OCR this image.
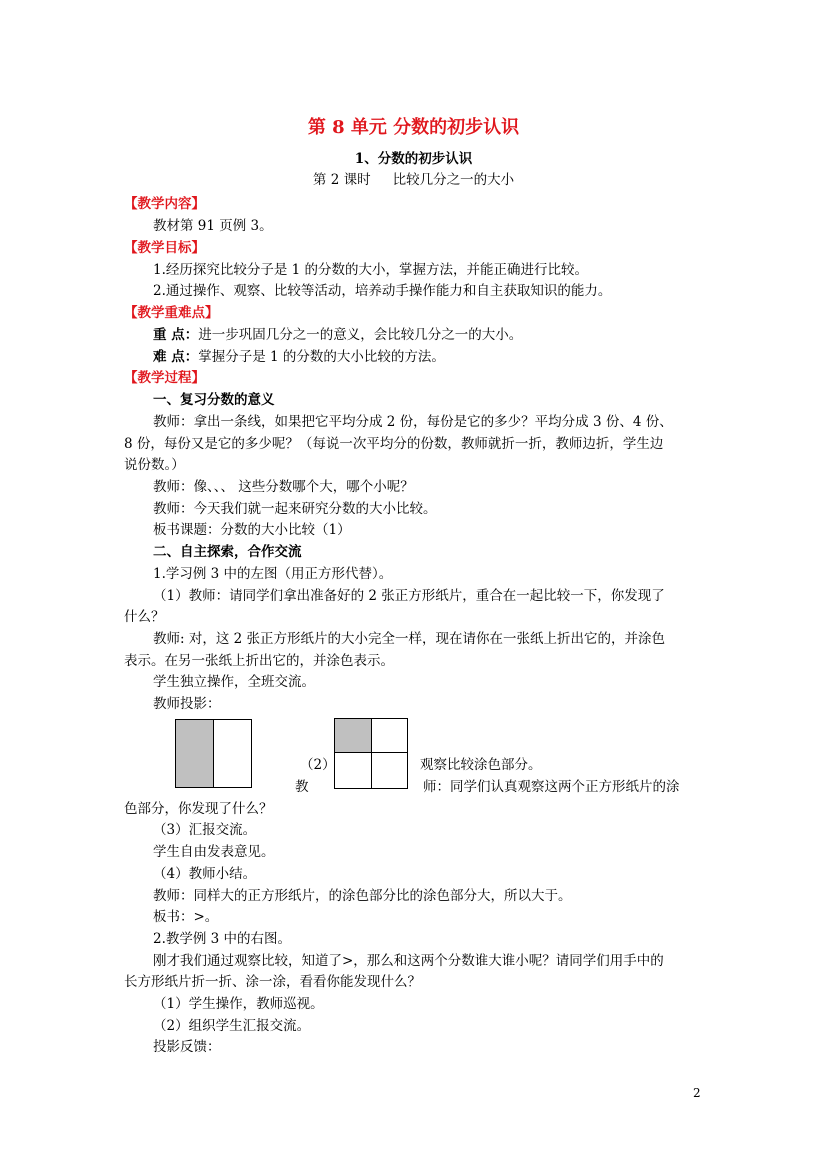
第 8 单元 分数的初步认识
1、分数的初步认识
第 2 课时 比较几分之一的大小
【教学内容】
教材第 91 页例 3。
【教学目标】
1.经历探究比较分子是 1 的分数的大小，掌握方法，并能正确进行比较。
2.通过操作、观察、比较等活动，培养动手操作能力和自主获取知识的能力。
【教学重难点】
重 点：进一步巩固几分之一的意义，会比较几分之一的大小。
难 点：掌握分子是 1 的分数的大小比较的方法。
【教学过程】
一、复习分数的意义
教师：拿出一条线，如果把它平均分成 2 份，每份是它的多少？平均分成 3 份、4 份、
8 份，每份又是它的多少呢？（每说一次平均分的份数，教师就折一折，教师边折，学生边
说份数。）
教师：像、、、 这些分数哪个大，哪个小呢？
教师：今天我们就一起来研究分数的大小比较。
板书课题：分数的大小比较（1）
二、自主探索，合作交流
1.学习例 3 中的左图（用正方形代替）。
（1）教师：请同学们拿出准备好的 2 张正方形纸片，重合在一起比较一下，你发现了
什么？
教师: 对，这 2 张正方形纸片的大小完全一样，现在请你在一张纸上折出它的，并涂色
表示。在另一张纸上折出它的，并涂色表示。
学生独立操作，全班交流。
教师投影：
（2）	观察比较涂色部分。
教	师：同学们认真观察这两个正方形纸片的涂
色部分，你发现了什么？
（3）汇报交流。
学生自由发表意见。
（4）教师小结。
教师：同样大的正方形纸片，的涂色部分比的涂色部分大，所以大于。
板书：>。
2.教学例 3 中的右图。
刚才我们通过观察比较，知道了>，那么和这两个分数谁大谁小呢？请同学们用手中的
长方形纸片折一折、涂一涂，看看你能发现什么？
（1）学生操作，教师巡视。
（2）组织学生汇报交流。
投影反馈：
2
